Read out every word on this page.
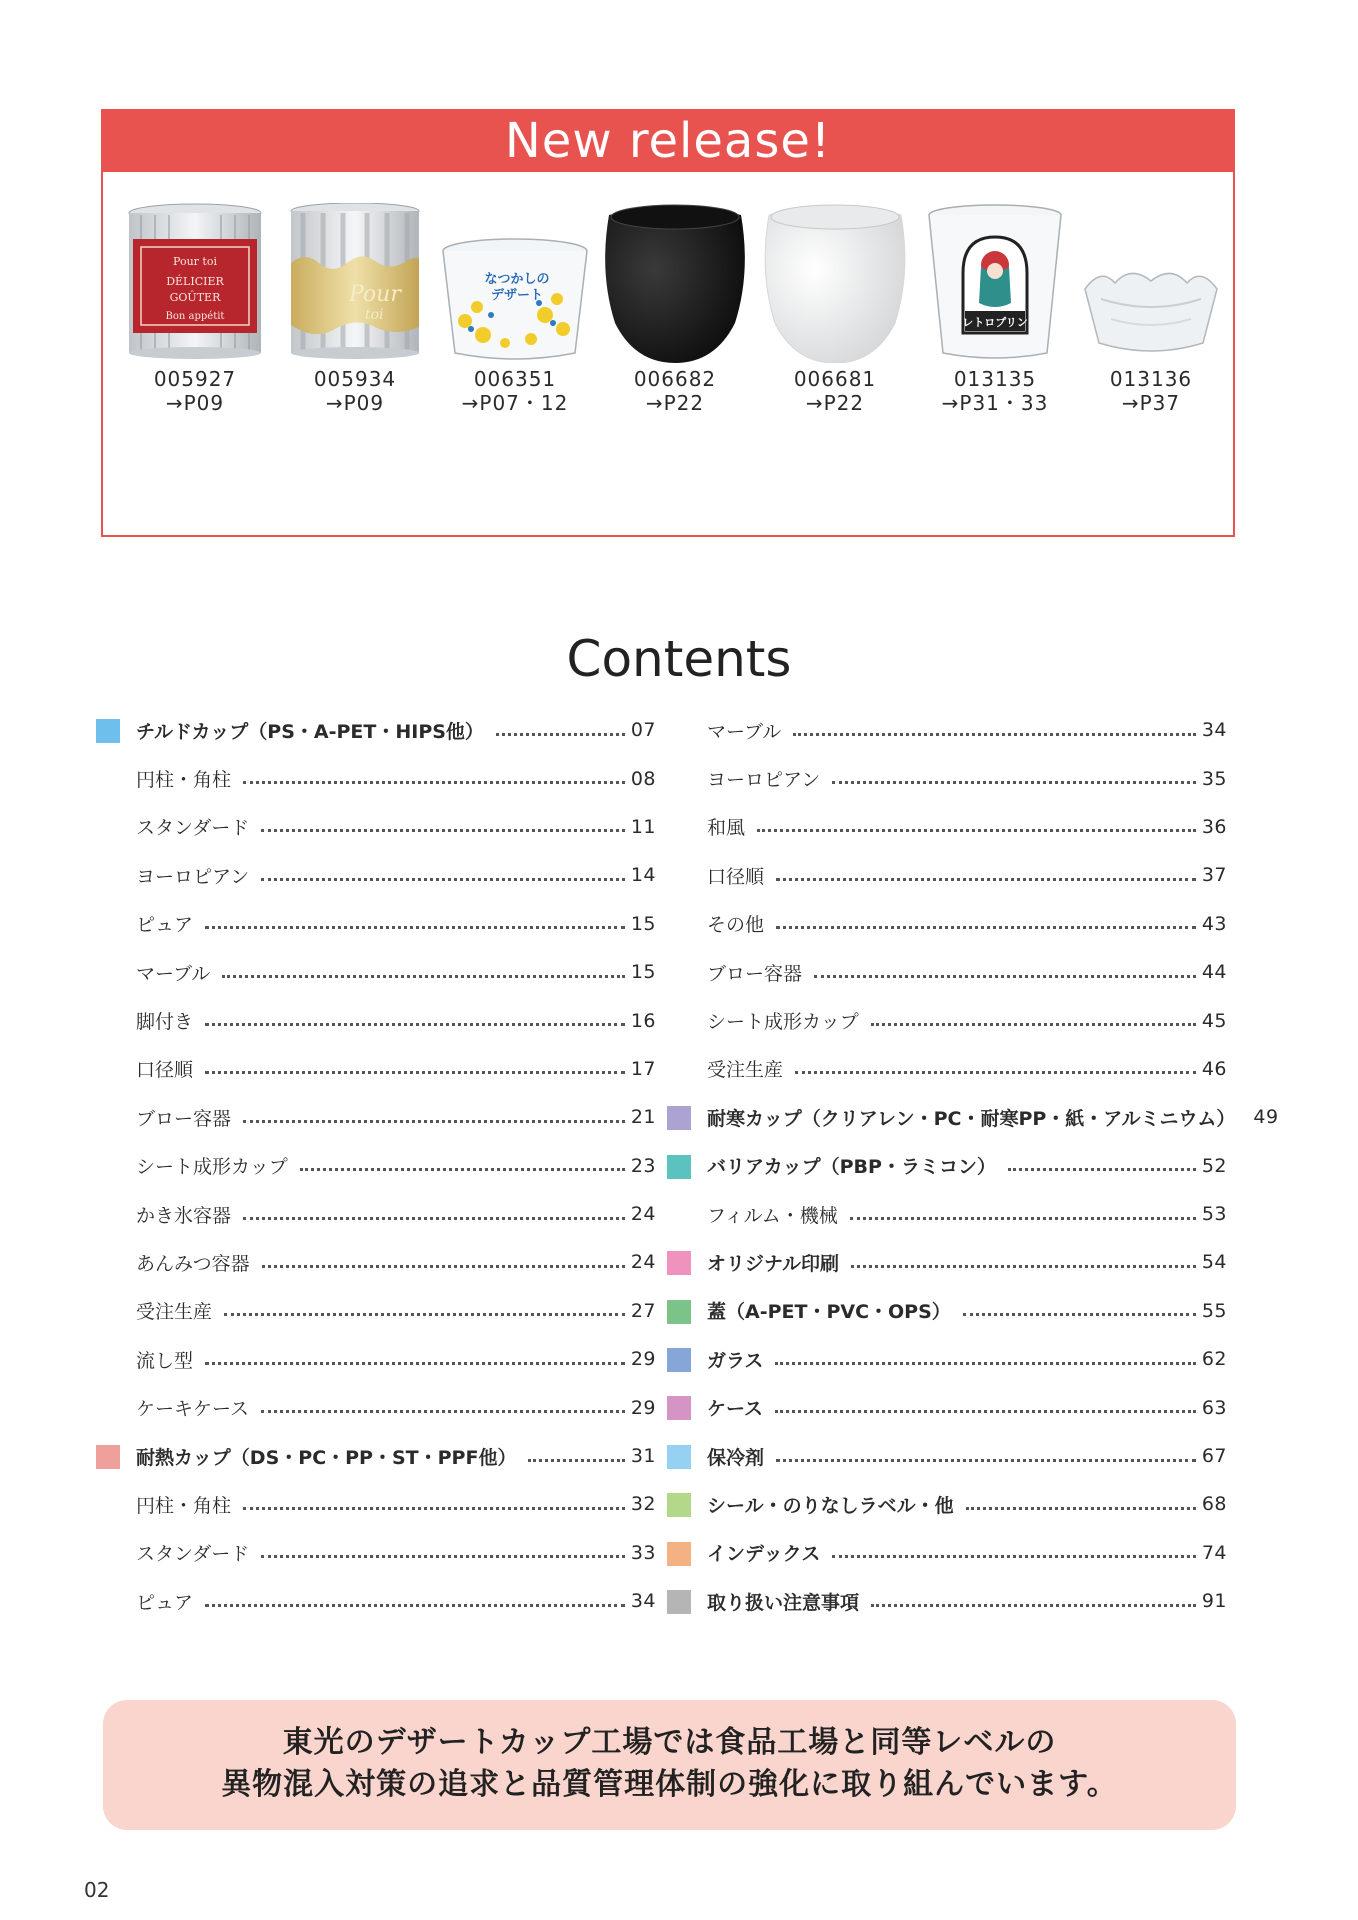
New release!
Pour toi
DÉLICIER
GOÛTER
Bon appétit
005927
→P09
Pour
toi
005934
→P09
なつかしの
デザート
006351
→P07・12
006682
→P22
006681
→P22
レトロプリン
013135
→P31・33
013136
→P37
Contents
チルドカップ（PS・A-PET・HIPS他）	07
円柱・角柱	08
スタンダード	11
ヨーロピアン	14
ピュア	15
マーブル	15
脚付き	16
口径順	17
ブロー容器	21
シート成形カップ	23
かき氷容器	24
あんみつ容器	24
受注生産	27
流し型	29
ケーキケース	29
耐熱カップ（DS・PC・PP・ST・PPF他）	31
円柱・角柱	32
スタンダード	33
ピュア	34
マーブル	34
ヨーロピアン	35
和風	36
口径順	37
その他	43
ブロー容器	44
シート成形カップ	45
受注生産	46
耐寒カップ（クリアレン・PC・耐寒PP・紙・アルミニウム） 49
バリアカップ（PBP・ラミコン）	52
フィルム・機械	53
オリジナル印刷	54
蓋（A-PET・PVC・OPS）	55
ガラス	62
ケース	63
保冷剤	67
シール・のりなしラベル・他	68
インデックス	74
取り扱い注意事項	91
東光のデザートカップ工場では食品工場と同等レベルの
異物混入対策の追求と品質管理体制の強化に取り組んでいます。
02
